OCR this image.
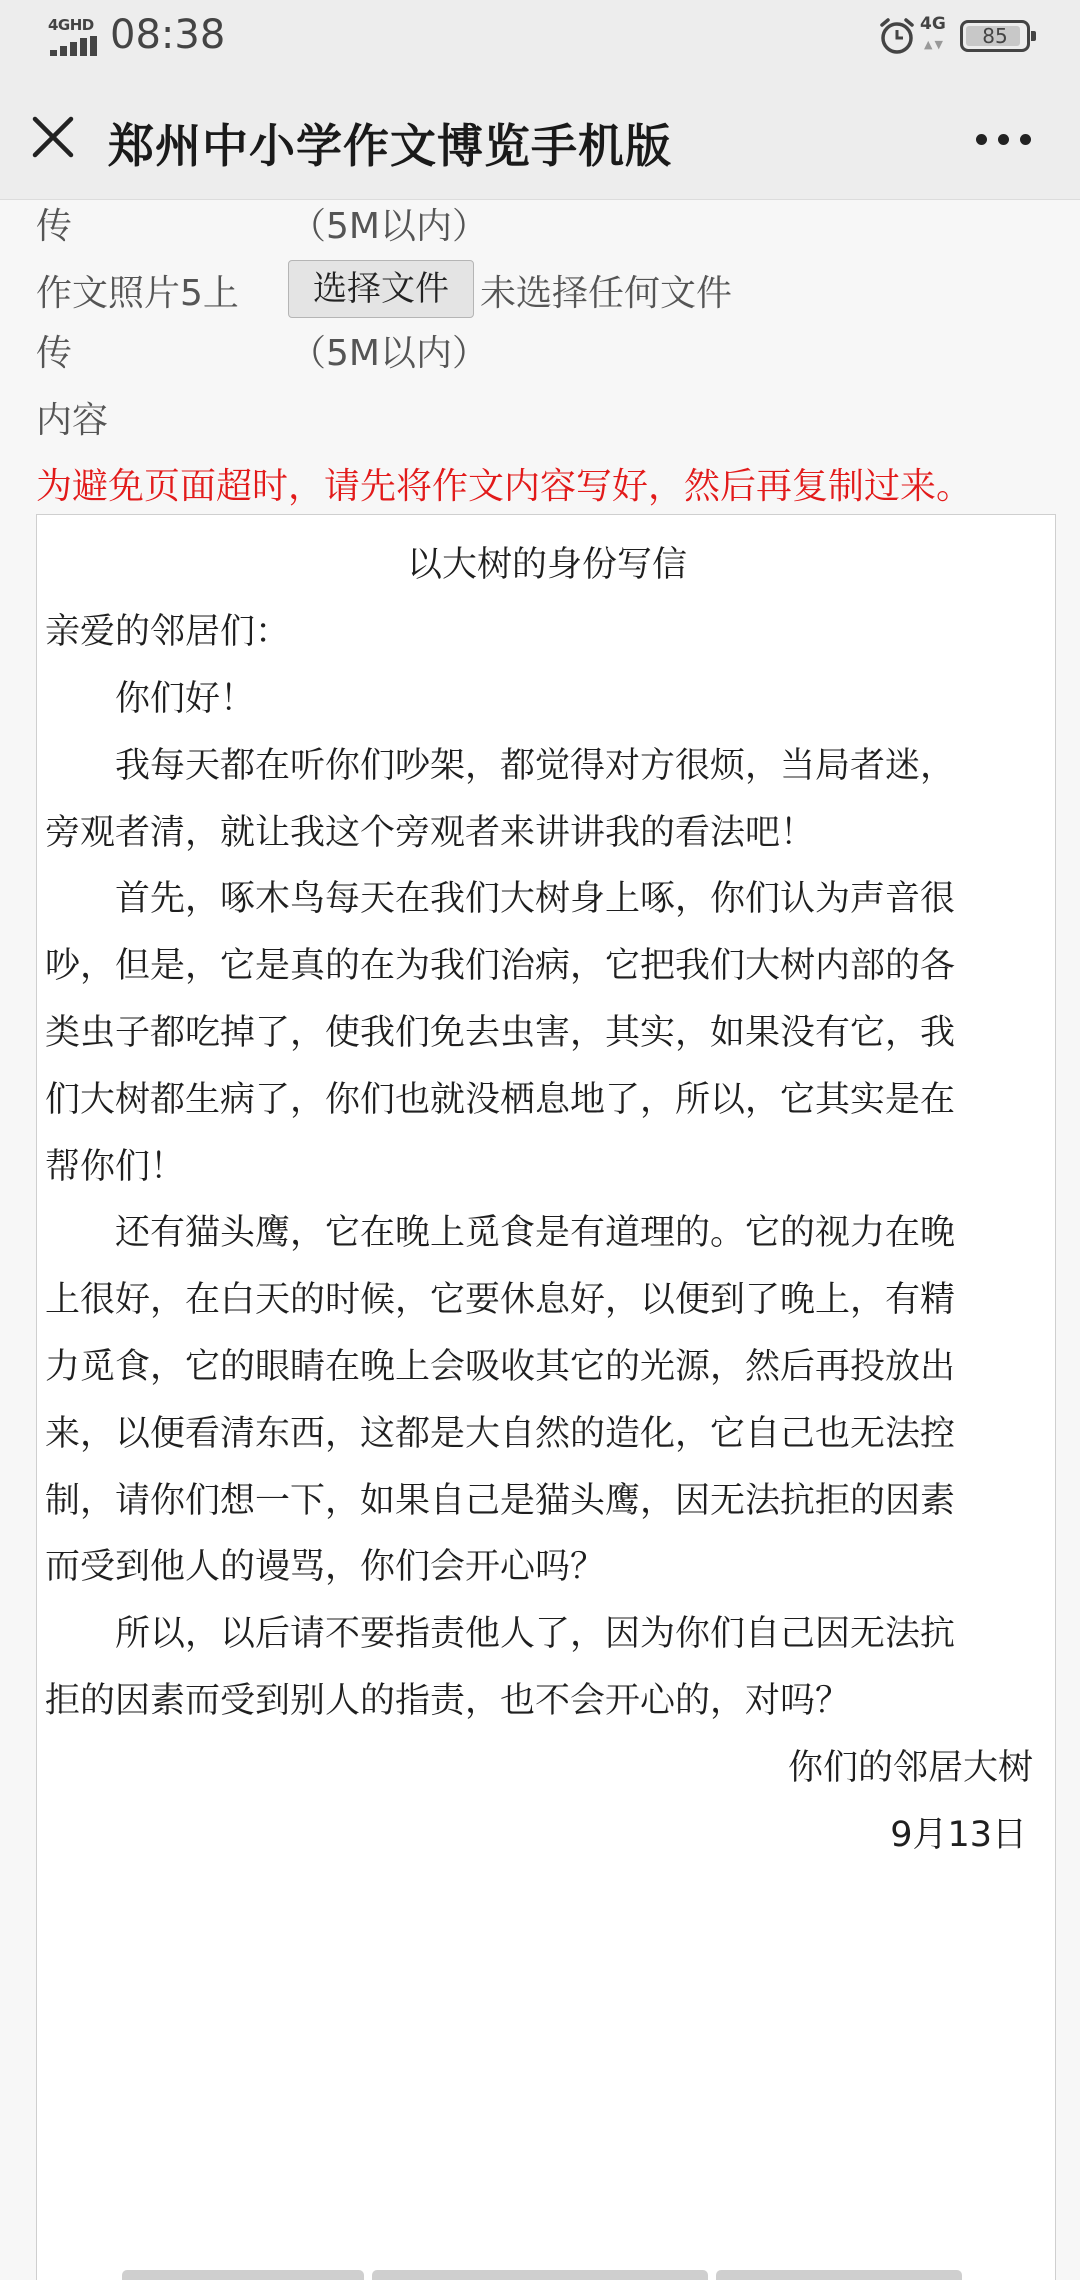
4GHD 08:38	4G
▲▼	85
郑州中小学作文博览手机版
传	（5M以内）
作文照片5上	选择文件 未选择任何文件
传	（5M以内）
内容
为避免页面超时，请先将作文内容写好，然后再复制过来。
以大树的身份写信
亲爱的邻居们：
　　你们好！
　　我每天都在听你们吵架，都觉得对方很烦，当局者迷，
旁观者清，就让我这个旁观者来讲讲我的看法吧！
　　首先，啄木鸟每天在我们大树身上啄，你们认为声音很
吵，但是，它是真的在为我们治病，它把我们大树内部的各
类虫子都吃掉了，使我们免去虫害，其实，如果没有它，我
们大树都生病了，你们也就没栖息地了，所以，它其实是在
帮你们！
　　还有猫头鹰，它在晚上觅食是有道理的。它的视力在晚
上很好，在白天的时候，它要休息好，以便到了晚上，有精
力觅食，它的眼睛在晚上会吸收其它的光源，然后再投放出
来，以便看清东西，这都是大自然的造化，它自己也无法控
制，请你们想一下，如果自己是猫头鹰，因无法抗拒的因素
而受到他人的谩骂，你们会开心吗？
　　所以，以后请不要指责他人了，因为你们自己因无法抗
拒的因素而受到别人的指责，也不会开心的，对吗？
你们的邻居大树
9月13日
